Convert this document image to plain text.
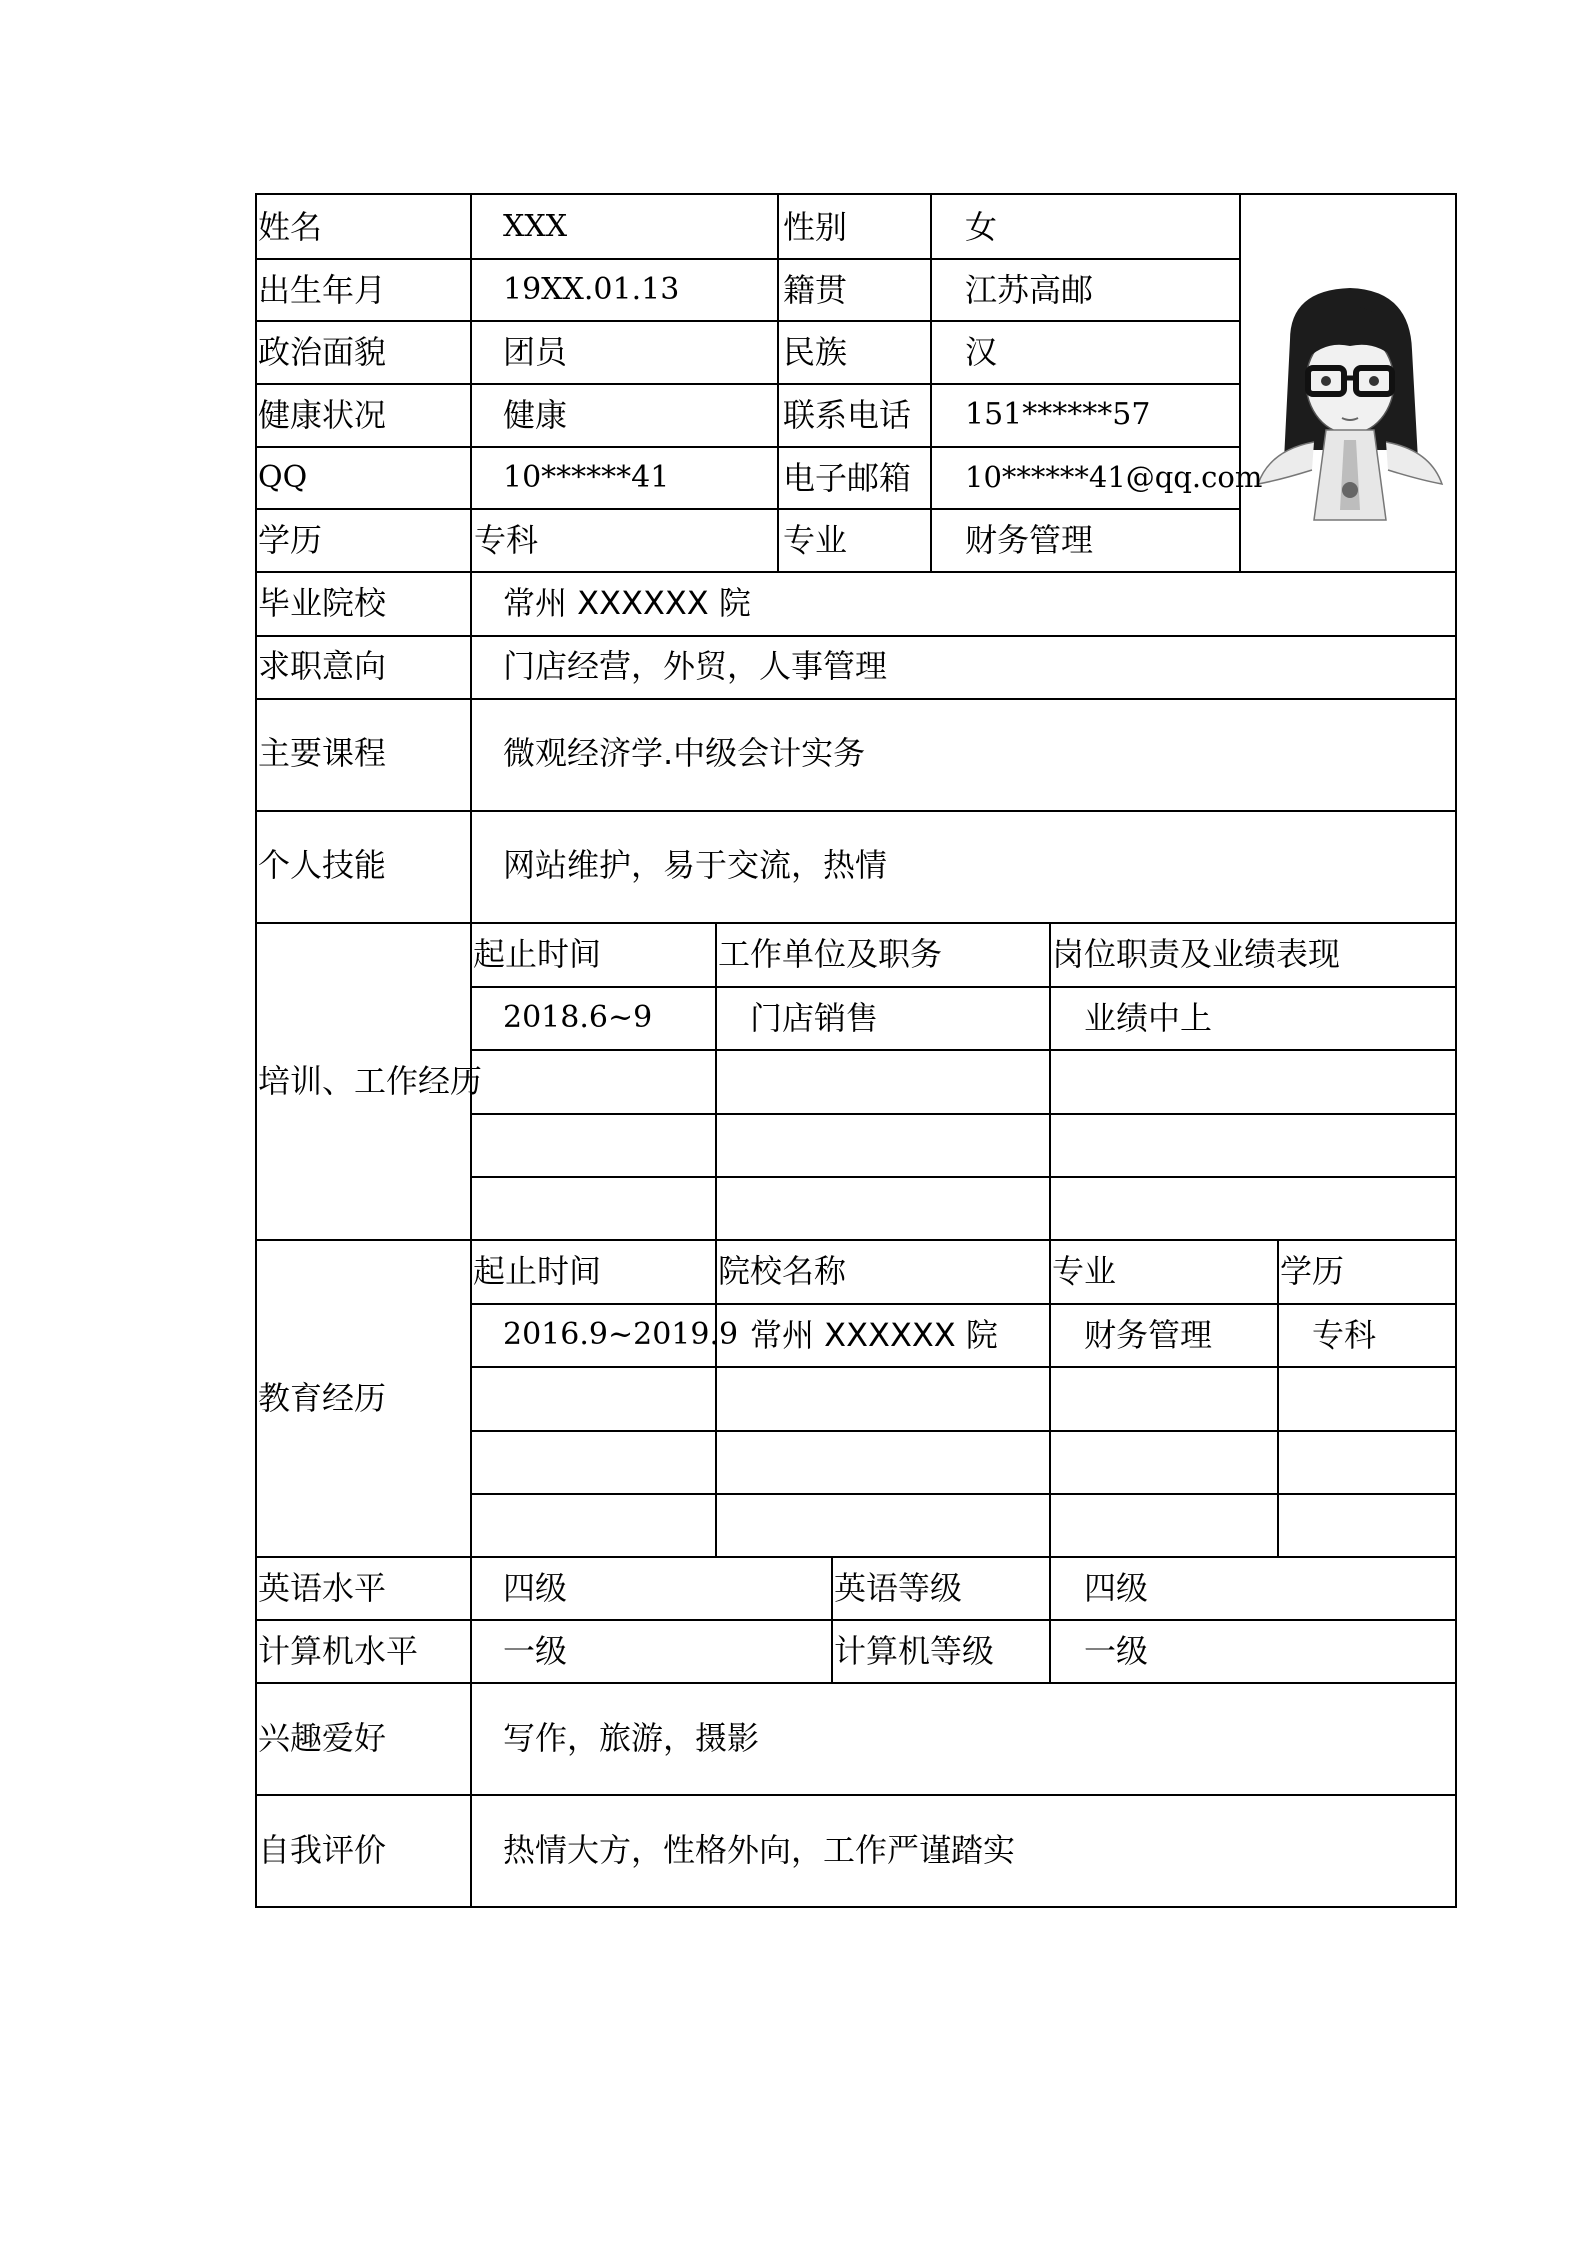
姓名	XXX	性别	女
出生年月	19XX.01.13	籍贯	江苏高邮
政治面貌	团员	民族	汉
健康状况	健康	联系电话 151******57
QQ	10******41	电子邮箱 10******41@qq.com
学历	专科	专业	财务管理
毕业院校	常州 XXXXXX 院
求职意向	门店经营，外贸，人事管理
主要课程	微观经济学.中级会计实务
个人技能	网站维护，易于交流，热情
培训、工作经历
起止时间	工作单位及职务	岗位职责及业绩表现
2018.6~9	门店销售	业绩中上
教育经历
起止时间	院校名称	专业	学历
2016.9~2019.9 常州 XXXXXX 院	财务管理	专科
英语水平	四级	英语等级	四级
计算机水平	一级	计算机等级	一级
兴趣爱好	写作，旅游，摄影
自我评价	热情大方，性格外向，工作严谨踏实
